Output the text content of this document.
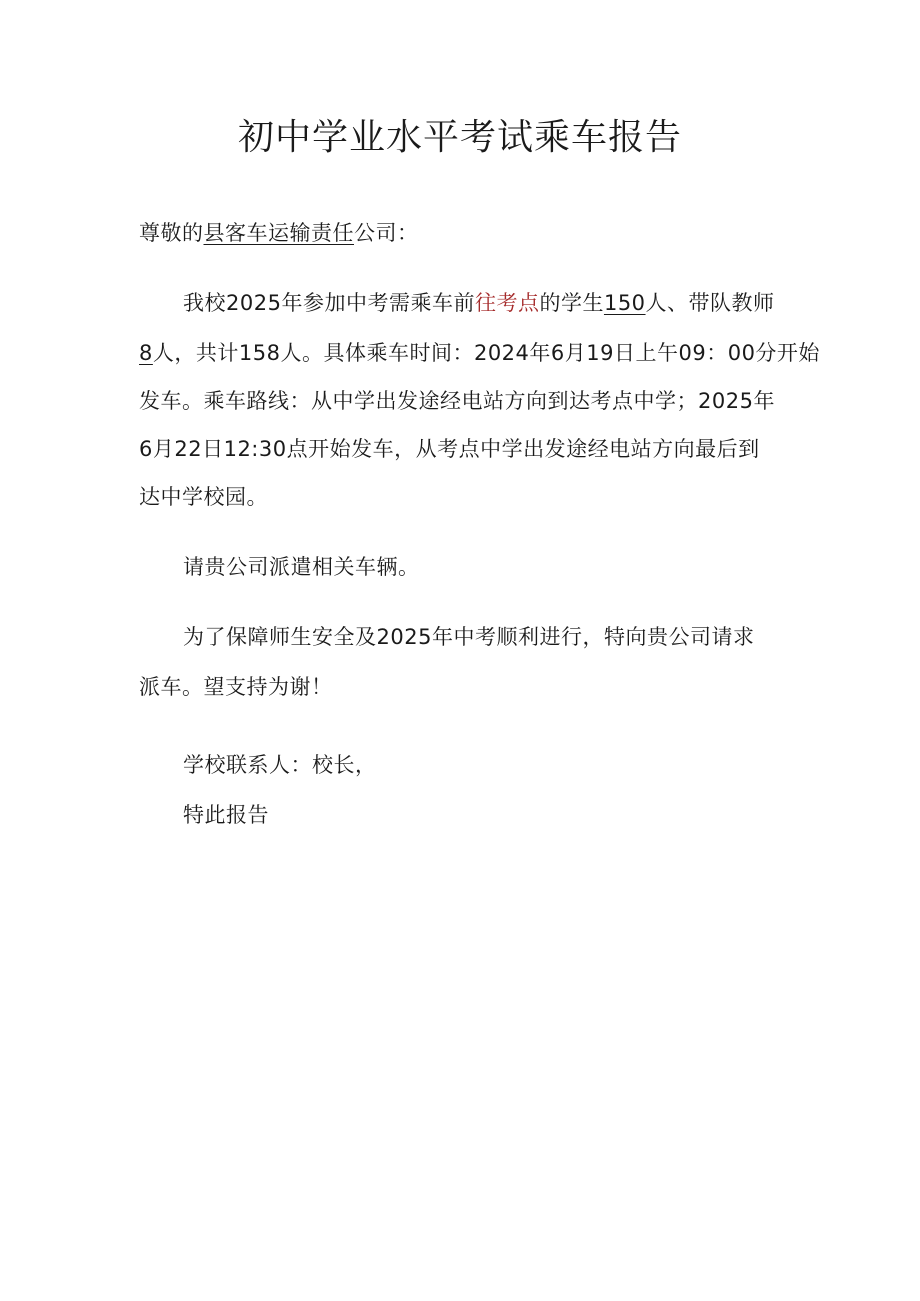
初中学业水平考试乘车报告
尊敬的县客车运输责任公司：
我校2025年参加中考需乘车前往考点的学生150人、带队教师
8人，共计158人。具体乘车时间：2024年6月19日上午09：00分开始
发车。乘车路线：从中学出发途经电站方向到达考点中学；2025年
6月22日12:30点开始发车，从考点中学出发途经电站方向最后到
达中学校园。
请贵公司派遣相关车辆。
为了保障师生安全及2025年中考顺利进行，特向贵公司请求
派车。望支持为谢！
学校联系人：校长，
特此报告
